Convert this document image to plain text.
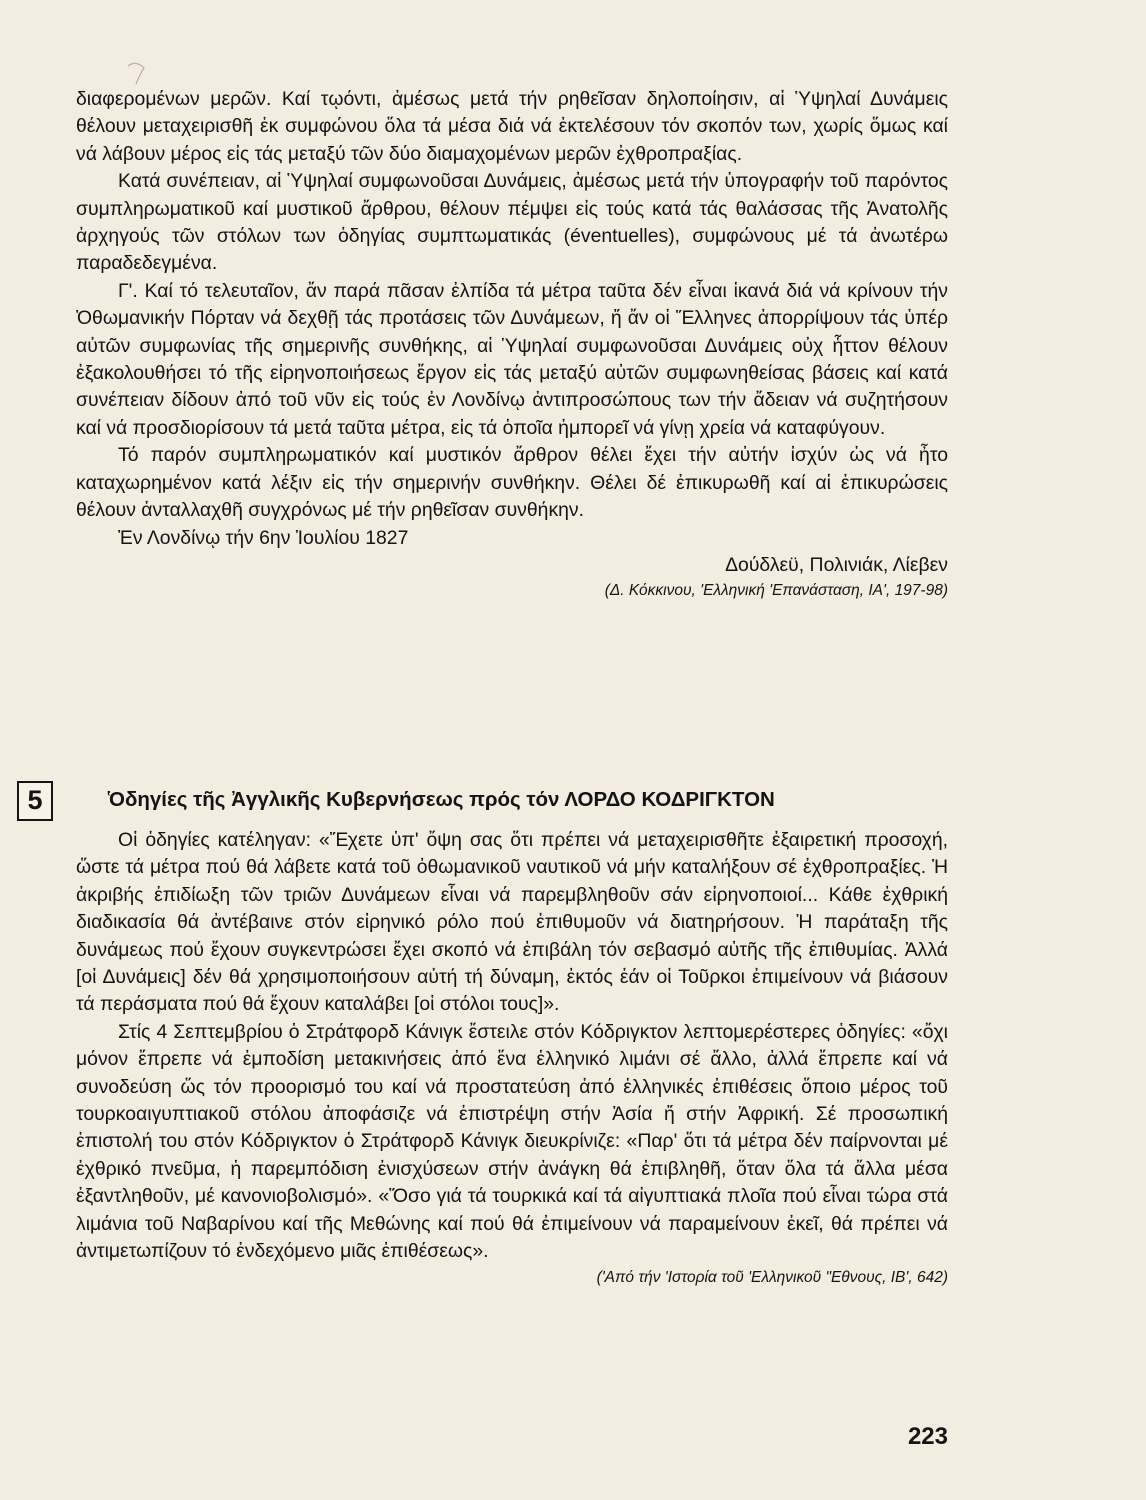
διαφερομένων μερῶν. Καί τῳόντι, ἀμέσως μετά τήν ρηθεῖσαν δηλοποίησιν, αἱ Ὑψηλαί Δυνάμεις θέλουν μεταχειρισθῆ ἐκ συμφώνου ὅλα τά μέσα διά νά ἐκτελέσουν τόν σκοπόν των, χωρίς ὅμως καί νά λάβουν μέρος εἰς τάς μεταξύ τῶν δύο διαμαχομένων μερῶν ἐχθροπραξίας.

Κατά συνέπειαν, αἱ Ὑψηλαί συμφωνοῦσαι Δυνάμεις, ἀμέσως μετά τήν ὑπογραφήν τοῦ παρόντος συμπληρωματικοῦ καί μυστικοῦ ἄρθρου, θέλουν πέμψει εἰς τούς κατά τάς θαλάσσας τῆς Ἀνατολῆς ἀρχηγούς τῶν στόλων των ὁδηγίας συμπτωματικάς (éventuelles), συμφώνους μέ τά ἀνωτέρω παραδεδεγμένα.

Γ'. Καί τό τελευταῖον, ἄν παρά πᾶσαν ἐλπίδα τά μέτρα ταῦτα δέν εἶναι ἱκανά διά νά κρίνουν τήν Ὀθωμανικήν Πόρταν νά δεχθῇ τάς προτάσεις τῶν Δυνάμεων, ἤ ἄν οἱ Ἕλληνες ἀπορρίψουν τάς ὑπέρ αὐτῶν συμφωνίας τῆς σημερινῆς συνθήκης, αἱ Ὑψηλαί συμφωνοῦσαι Δυνάμεις οὐχ ἧττον θέλουν ἐξακολουθήσει τό τῆς εἰρηνοποιήσεως ἔργον εἰς τάς μεταξύ αὐτῶν συμφωνηθείσας βάσεις καί κατά συνέπειαν δίδουν ἀπό τοῦ νῦν εἰς τούς ἐν Λονδίνῳ ἀντιπροσώπους των τήν ἄδειαν νά συζητήσουν καί νά προσδιορίσουν τά μετά ταῦτα μέτρα, εἰς τά ὁποῖα ἠμπορεῖ νά γίνῃ χρεία νά καταφύγουν.

Τό παρόν συμπληρωματικόν καί μυστικόν ἄρθρον θέλει ἔχει τήν αὐτήν ἰσχύν ὡς νά ἦτο καταχωρημένον κατά λέξιν εἰς τήν σημερινήν συνθήκην. Θέλει δέ ἐπικυρωθῆ καί αἱ ἐπικυρώσεις θέλουν ἀνταλλαχθῆ συγχρόνως μέ τήν ρηθεῖσαν συνθήκην.

Ἐν Λονδίνῳ τήν 6ην Ἰουλίου 1827

Δούδλεϋ, Πολινιάκ, Λίεβεν

(Δ. Κόκκινου, 'Ελληνική 'Επανάσταση, ΙΑ', 197-98)

5	Ὁδηγίες τῆς Ἀγγλικῆς Κυβερνήσεως πρός τόν ΛΟΡΔΟ ΚΟΔΡΙΓΚΤΟΝ

Οἱ ὁδηγίες κατέληγαν: «Ἔχετε ὑπ' ὄψη σας ὅτι πρέπει νά μεταχειρισθῆτε ἐξαιρετική προσοχή, ὥστε τά μέτρα πού θά λάβετε κατά τοῦ ὀθωμανικοῦ ναυτικοῦ νά μήν καταλήξουν σέ ἐχθροπραξίες. Ἡ ἀκριβής ἐπιδίωξη τῶν τριῶν Δυνάμεων εἶναι νά παρεμβληθοῦν σάν εἰρηνοποιοί... Κάθε ἐχθρική διαδικασία θά ἀντέβαινε στόν εἰρηνικό ρόλο πού ἐπιθυμοῦν νά διατηρήσουν. Ἡ παράταξη τῆς δυνάμεως πού ἔχουν συγκεντρώσει ἔχει σκοπό νά ἐπιβάλη τόν σεβασμό αὐτῆς τῆς ἐπιθυμίας. Ἀλλά [οἱ Δυνάμεις] δέν θά χρησιμοποιήσουν αὐτή τή δύναμη, ἐκτός ἐάν οἱ Τοῦρκοι ἐπιμείνουν νά βιάσουν τά περάσματα πού θά ἔχουν καταλάβει [οἱ στόλοι τους]».

Στίς 4 Σεπτεμβρίου ὁ Στράτφορδ Κάνιγκ ἔστειλε στόν Κόδριγκτον λεπτομερέστερες ὁδηγίες: «ὄχι μόνον ἔπρεπε νά ἐμποδίση μετακινήσεις ἀπό ἕνα ἑλληνικό λιμάνι σέ ἄλλο, ἀλλά ἔπρεπε καί νά συνοδεύση ὥς τόν προορισμό του καί νά προστατεύση ἀπό ἑλληνικές ἐπιθέσεις ὅποιο μέρος τοῦ τουρκοαιγυπτιακοῦ στόλου ἀποφάσιζε νά ἐπιστρέψη στήν Ἀσία ἤ στήν Ἀφρική. Σέ προσωπική ἐπιστολή του στόν Κόδριγκτον ὁ Στράτφορδ Κάνιγκ διευκρίνιζε: «Παρ' ὅτι τά μέτρα δέν παίρνονται μέ ἐχθρικό πνεῦμα, ἡ παρεμπόδιση ἐνισχύσεων στήν ἀνάγκη θά ἐπιβληθῆ, ὅταν ὅλα τά ἄλλα μέσα ἐξαντληθοῦν, μέ κανονιοβολισμό». «Ὅσο γιά τά τουρκικά καί τά αἰγυπτιακά πλοῖα πού εἶναι τώρα στά λιμάνια τοῦ Ναβαρίνου καί τῆς Μεθώνης καί πού θά ἐπιμείνουν νά παραμείνουν ἐκεῖ, θά πρέπει νά ἀντιμετωπίζουν τό ἐνδεχόμενο μιᾶς ἐπιθέσεως».

('Από τήν 'Ιστορία τοῦ 'Ελληνικοῦ "Εθνους, ΙΒ', 642)

223
